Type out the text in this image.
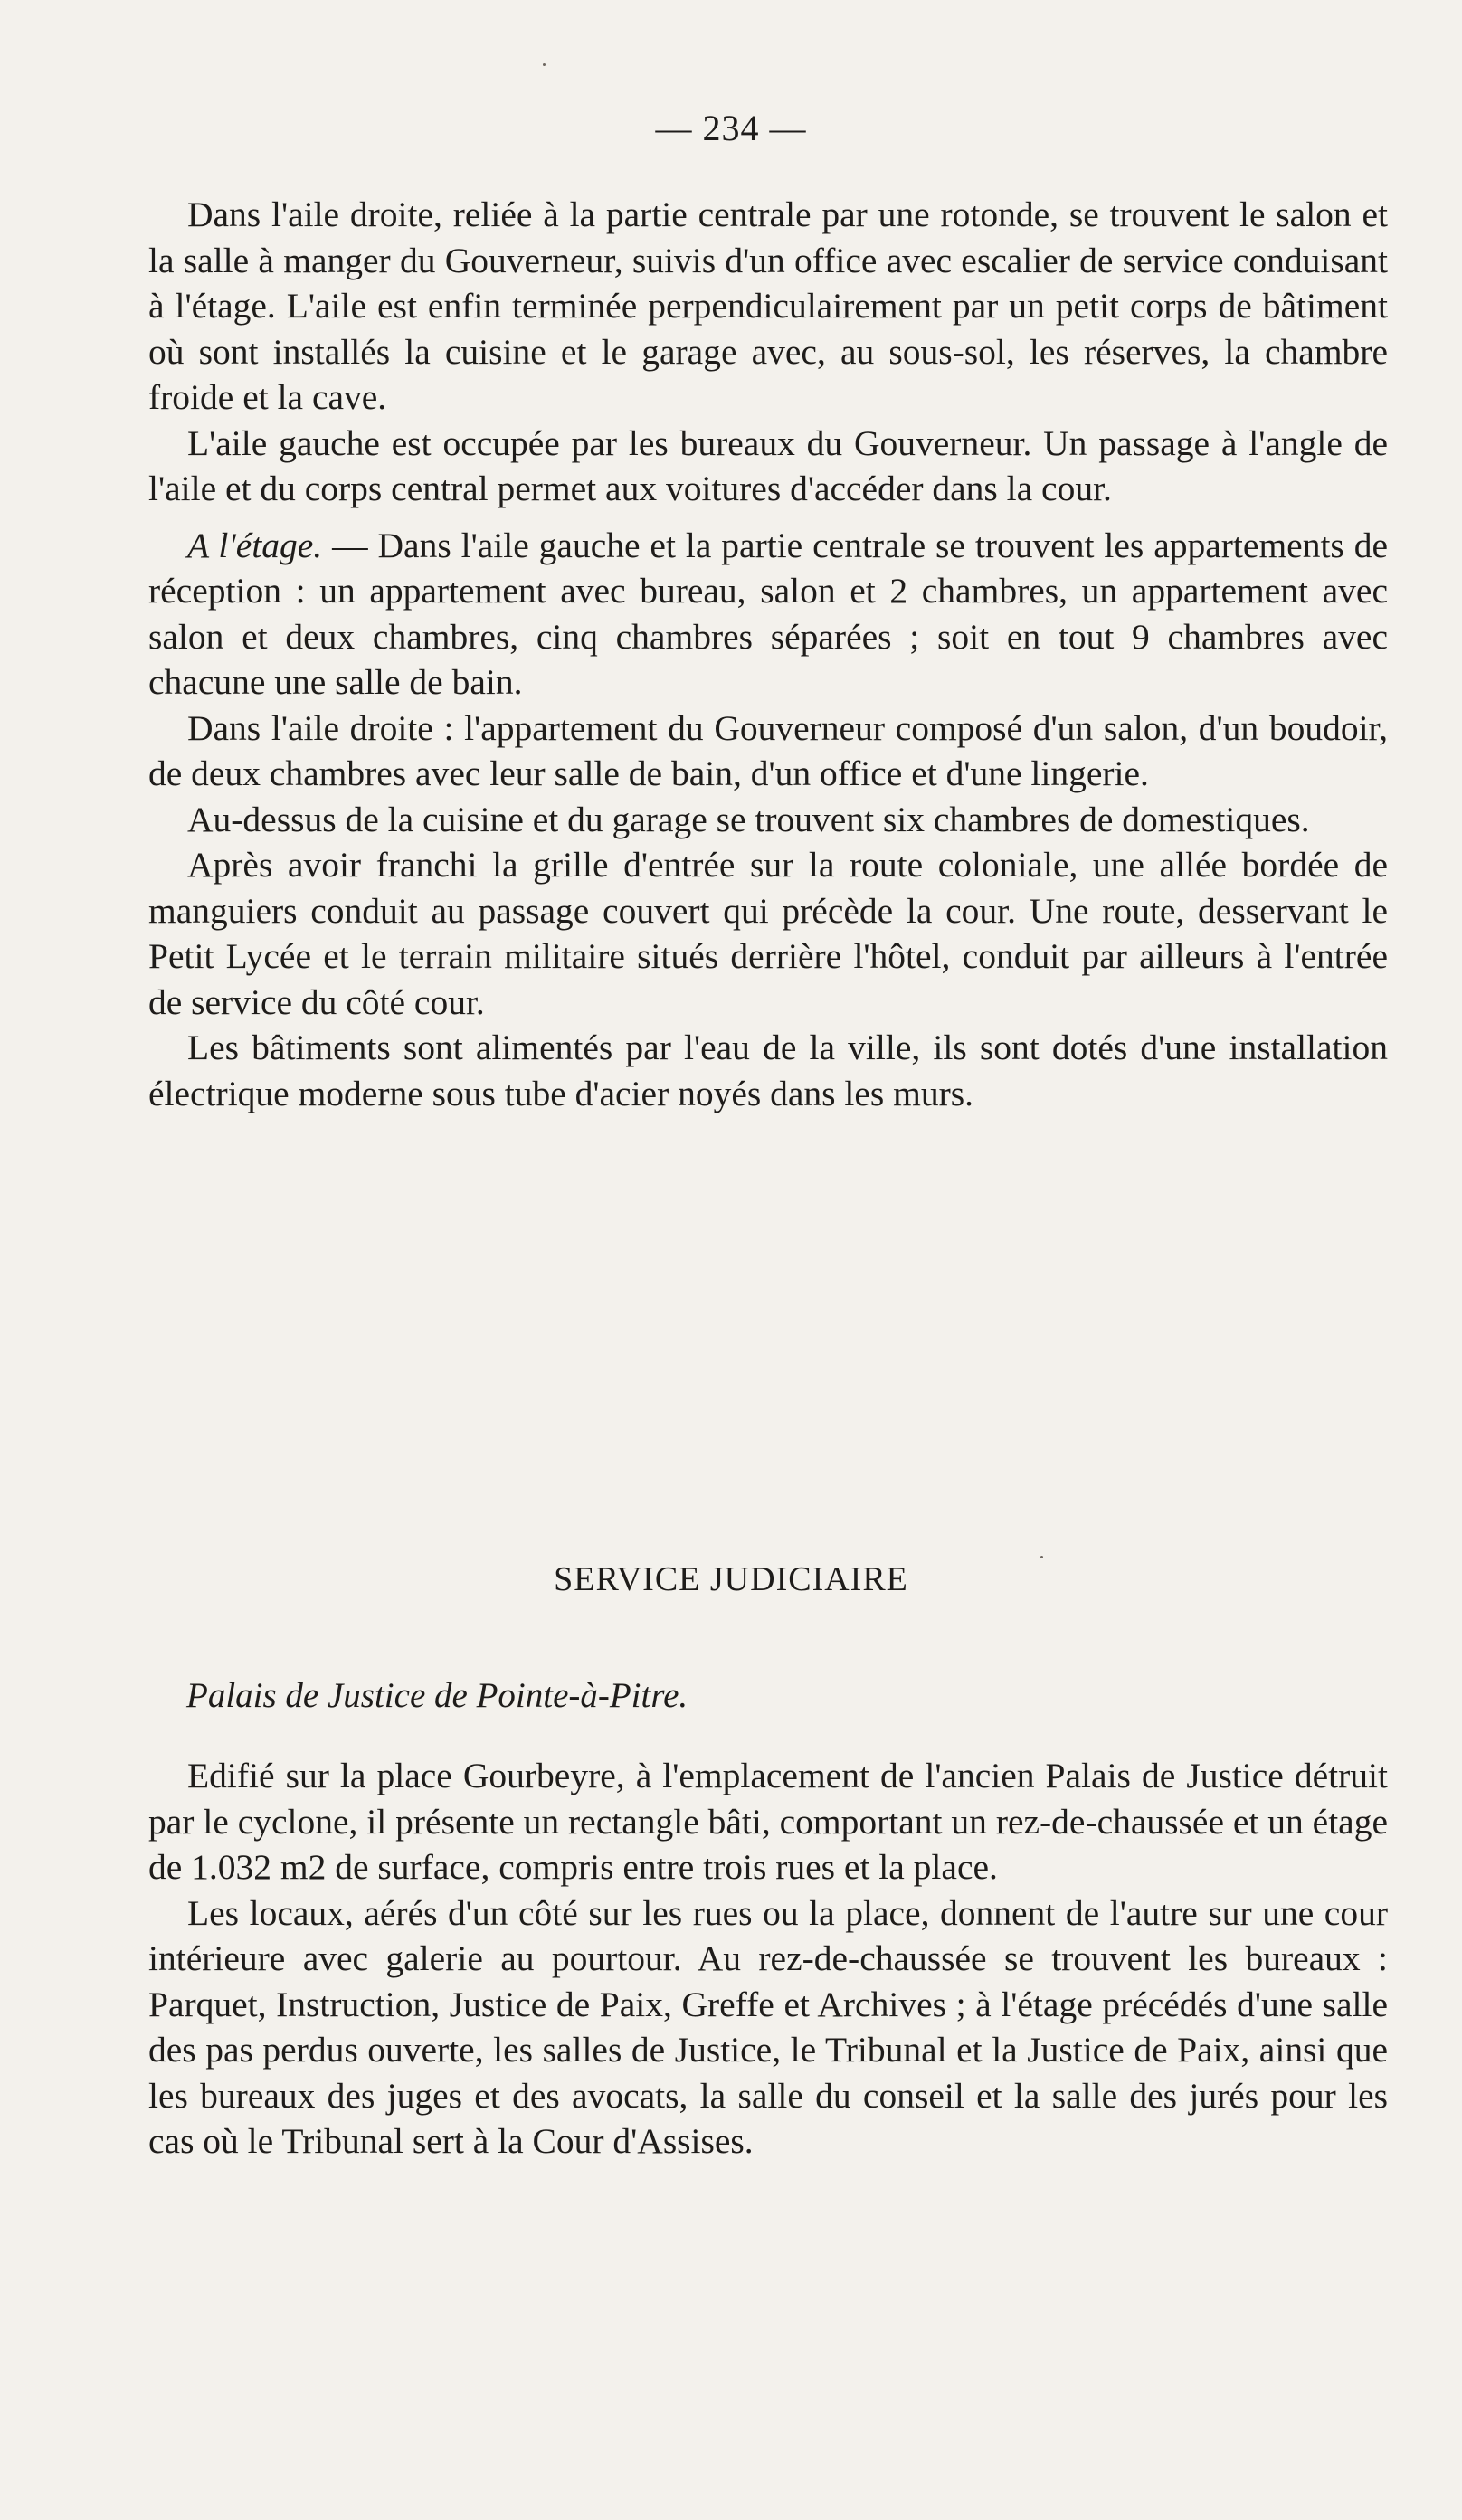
— 234 —

Dans l'aile droite, reliée à la partie centrale par une rotonde, se trouvent le salon et la salle à manger du Gouverneur, suivis d'un office avec escalier de service conduisant à l'étage. L'aile est enfin terminée perpendiculairement par un petit corps de bâtiment où sont installés la cuisine et le garage avec, au sous-sol, les réserves, la chambre froide et la cave.

L'aile gauche est occupée par les bureaux du Gouverneur. Un passage à l'angle de l'aile et du corps central permet aux voitures d'accéder dans la cour.

A l'étage. — Dans l'aile gauche et la partie centrale se trouvent les appartements de réception : un appartement avec bureau, salon et 2 chambres, un appartement avec salon et deux chambres, cinq chambres séparées ; soit en tout 9 chambres avec chacune une salle de bain.

Dans l'aile droite : l'appartement du Gouverneur composé d'un salon, d'un boudoir, de deux chambres avec leur salle de bain, d'un office et d'une lingerie.

Au-dessus de la cuisine et du garage se trouvent six chambres de domestiques.

Après avoir franchi la grille d'entrée sur la route coloniale, une allée bordée de manguiers conduit au passage couvert qui précède la cour. Une route, desservant le Petit Lycée et le terrain militaire situés derrière l'hôtel, conduit par ailleurs à l'entrée de service du côté cour.

Les bâtiments sont alimentés par l'eau de la ville, ils sont dotés d'une installation électrique moderne sous tube d'acier noyés dans les murs.

SERVICE JUDICIAIRE
Palais de Justice de Pointe-à-Pitre.

Edifié sur la place Gourbeyre, à l'emplacement de l'ancien Palais de Justice détruit par le cyclone, il présente un rectangle bâti, comportant un rez-de-chaussée et un étage de 1.032 m2 de surface, compris entre trois rues et la place.

Les locaux, aérés d'un côté sur les rues ou la place, donnent de l'autre sur une cour intérieure avec galerie au pourtour. Au rez-de-chaussée se trouvent les bureaux : Parquet, Instruction, Justice de Paix, Greffe et Archives ; à l'étage précédés d'une salle des pas perdus ouverte, les salles de Justice, le Tribunal et la Justice de Paix, ainsi que les bureaux des juges et des avocats, la salle du conseil et la salle des jurés pour les cas où le Tribunal sert à la Cour d'Assises.
